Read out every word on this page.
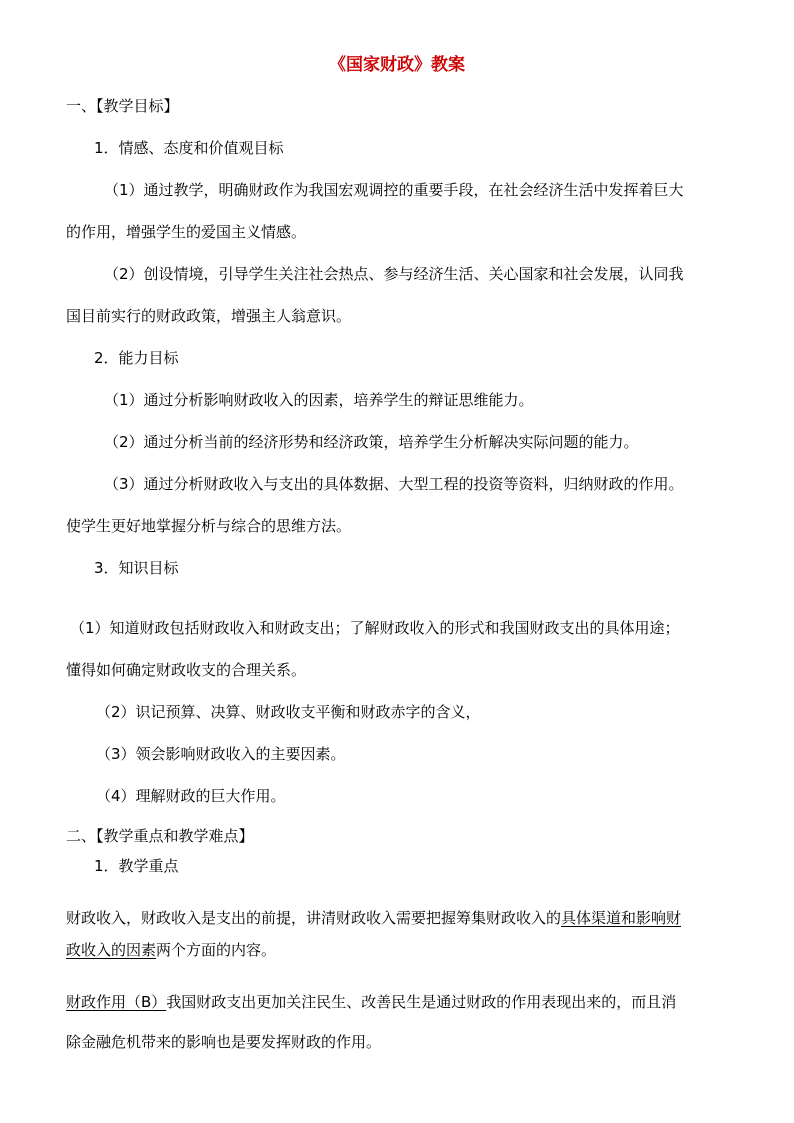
《国家财政》教案
一、【教学目标】
1．情感、态度和价值观目标
（1）通过教学，明确财政作为我国宏观调控的重要手段，在社会经济生活中发挥着巨大
的作用，增强学生的爱国主义情感。
（2）创设情境，引导学生关注社会热点、参与经济生活、关心国家和社会发展，认同我
国目前实行的财政政策，增强主人翁意识。
2．能力目标
（1）通过分析影响财政收入的因素，培养学生的辩证思维能力。
（2）通过分析当前的经济形势和经济政策，培养学生分析解决实际问题的能力。
（3）通过分析财政收入与支出的具体数据、大型工程的投资等资料，归纳财政的作用。
使学生更好地掌握分析与综合的思维方法。
3．知识目标
（1）知道财政包括财政收入和财政支出；了解财政收入的形式和我国财政支出的具体用途；
懂得如何确定财政收支的合理关系。
（2）识记预算、决算、财政收支平衡和财政赤字的含义，
（3）领会影响财政收入的主要因素。
（4）理解财政的巨大作用。
二、【教学重点和教学难点】
1．教学重点
财政收入，财政收入是支出的前提，讲清财政收入需要把握筹集财政收入的具体渠道和影响财
政收入的因素两个方面的内容。
财政作用（B）我国财政支出更加关注民生、改善民生是通过财政的作用表现出来的，而且消
除金融危机带来的影响也是要发挥财政的作用。
